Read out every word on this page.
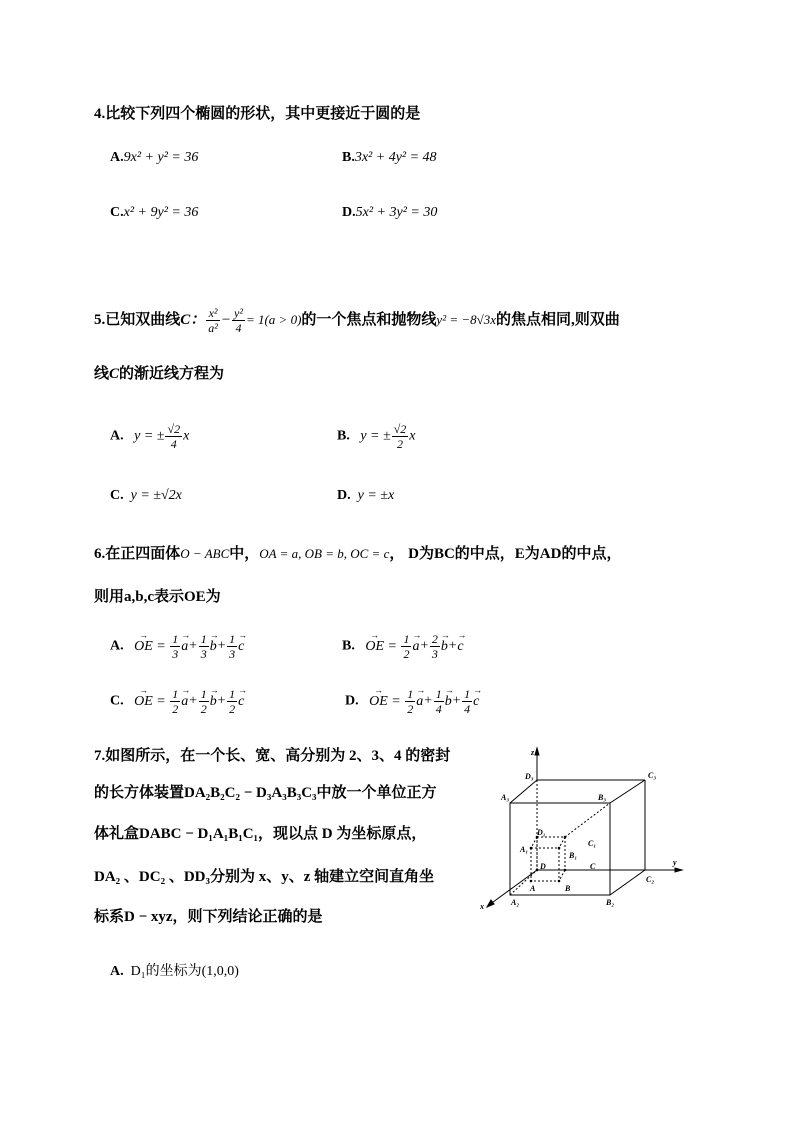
4.比较下列四个椭圆的形状，其中更接近于圆的是
A.9x² + y² = 36	B.3x² + 4y² = 48
C.x² + 9y² = 36	D.5x² + 3y² = 30
5.已知双曲线C： $\frac{\text{x²}}{\text{a²}} - \frac{\text{y²}}{4} = 1(a > 0)$的一个焦点和抛物线y² = −8√3x的焦点相同,则双曲
线C的渐近线方程为
A.   y = ± $\frac{√2}{4}$ x	B.   y = ± $\frac{√2}{2}$ x
C. y = ±√2x	D. y = ±x
6.在正四面体O − ABC中，OA = a, OB = b, OC = c， D为BC的中点，E为AD的中点，
则用a,b,c表示OE为
A.   → OE = $\frac{1}{3}$
→ $a+ \frac{1}{3}$
→ $b+ \frac{1}{3}$
→ c	B.   → OE = $\frac{1}{2}$
→ $a+ \frac{2}{3}$
→ b+→ c
C.   → OE = $\frac{1}{2}$
→ $a+ \frac{1}{2}$
→ $b+ \frac{1}{2}$
→ c	D.   → OE = $\frac{1}{2}$
→ $a+ \frac{1}{4}$
→ $b+ \frac{1}{4}$
→ c
7.如图所示，在一个长、宽、高分别为 2、3、4 的密封
的长方体装置DA₂B₂C₂ − D₃A₃B₃C₃中放一个单位正方
体礼盒DABC − D₁A₁B₁C₁，现以点 D 为坐标原点，
DA₂ 、DC₂ 、DD₃分别为 x、y、z 轴建立空间直角坐
标系D − xyz，则下列结论正确的是
A. D₁的坐标为(1,0,0)
z
D₃	C₃
A₃	B₃
D₁
C₁
A₁
B₁
D	C
A	B
y
C₂
x	A₂	B₂
